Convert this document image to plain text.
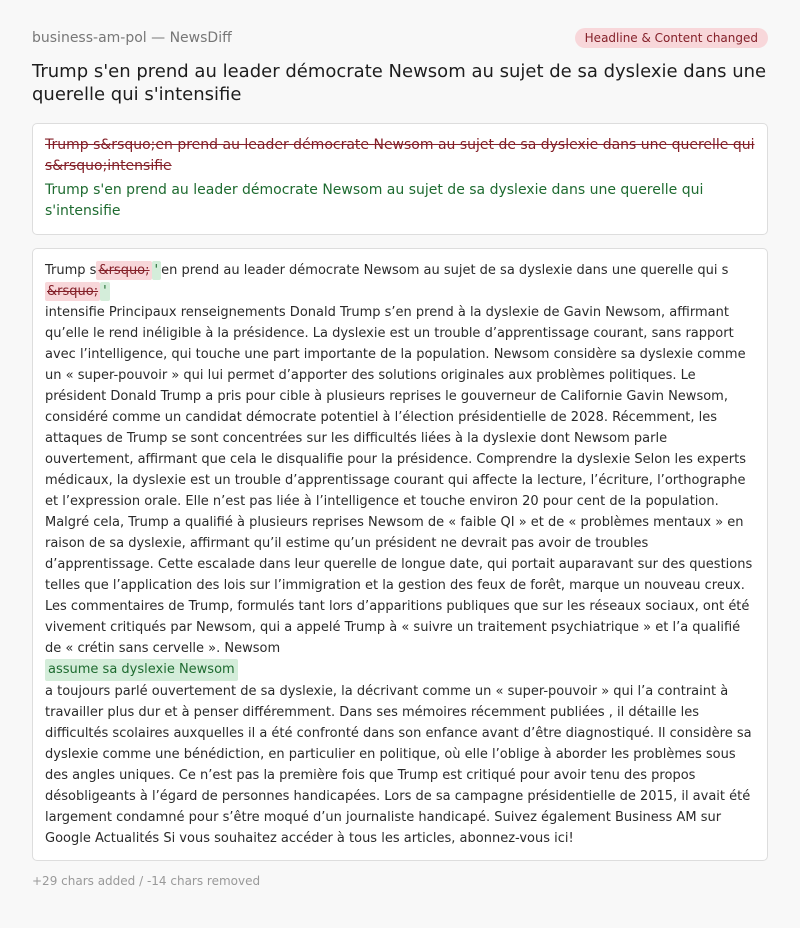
business-am-pol — NewsDiff	Headline & Content changed
Trump s'en prend au leader démocrate Newsom au sujet de sa dyslexie dans une querelle qui s'intensifie
Trump s&rsquo;en prend au leader démocrate Newsom au sujet de sa dyslexie dans une querelle qui s&rsquo;intensifie
Trump s'en prend au leader démocrate Newsom au sujet de sa dyslexie dans une querelle qui s'intensifie
Trump s &rsquo; ' en prend au leader démocrate Newsom au sujet de sa dyslexie dans une querelle qui s
&rsquo; '
intensifie Principaux renseignements Donald Trump s’en prend à la dyslexie de Gavin Newsom, affirmant qu’elle le rend inéligible à la présidence. La dyslexie est un trouble d’apprentissage courant, sans rapport avec l’intelligence, qui touche une part importante de la population. Newsom considère sa dyslexie comme un « super-pouvoir » qui lui permet d’apporter des solutions originales aux problèmes politiques. Le président Donald Trump a pris pour cible à plusieurs reprises le gouverneur de Californie Gavin Newsom, considéré comme un candidat démocrate potentiel à l’élection présidentielle de 2028. Récemment, les attaques de Trump se sont concentrées sur les difficultés liées à la dyslexie dont Newsom parle ouvertement, affirmant que cela le disqualifie pour la présidence. Comprendre la dyslexie Selon les experts médicaux, la dyslexie est un trouble d’apprentissage courant qui affecte la lecture, l’écriture, l’orthographe et l’expression orale. Elle n’est pas liée à l’intelligence et touche environ 20 pour cent de la population. Malgré cela, Trump a qualifié à plusieurs reprises Newsom de « faible QI » et de « problèmes mentaux » en raison de sa dyslexie, affirmant qu’il estime qu’un président ne devrait pas avoir de troubles d’apprentissage. Cette escalade dans leur querelle de longue date, qui portait auparavant sur des questions telles que l’application des lois sur l’immigration et la gestion des feux de forêt, marque un nouveau creux. Les commentaires de Trump, formulés tant lors d’apparitions publiques que sur les réseaux sociaux, ont été vivement critiqués par Newsom, qui a appelé Trump à « suivre un traitement psychiatrique » et l’a qualifié de « crétin sans cervelle ». Newsom
assume sa dyslexie Newsom
a toujours parlé ouvertement de sa dyslexie, la décrivant comme un « super-pouvoir » qui l’a contraint à travailler plus dur et à penser différemment. Dans ses mémoires récemment publiées , il détaille les difficultés scolaires auxquelles il a été confronté dans son enfance avant d’être diagnostiqué. Il considère sa dyslexie comme une bénédiction, en particulier en politique, où elle l’oblige à aborder les problèmes sous des angles uniques. Ce n’est pas la première fois que Trump est critiqué pour avoir tenu des propos désobligeants à l’égard de personnes handicapées. Lors de sa campagne présidentielle de 2015, il avait été largement condamné pour s’être moqué d’un journaliste handicapé. Suivez également Business AM sur Google Actualités Si vous souhaitez accéder à tous les articles, abonnez-vous ici!
+29 chars added / -14 chars removed
